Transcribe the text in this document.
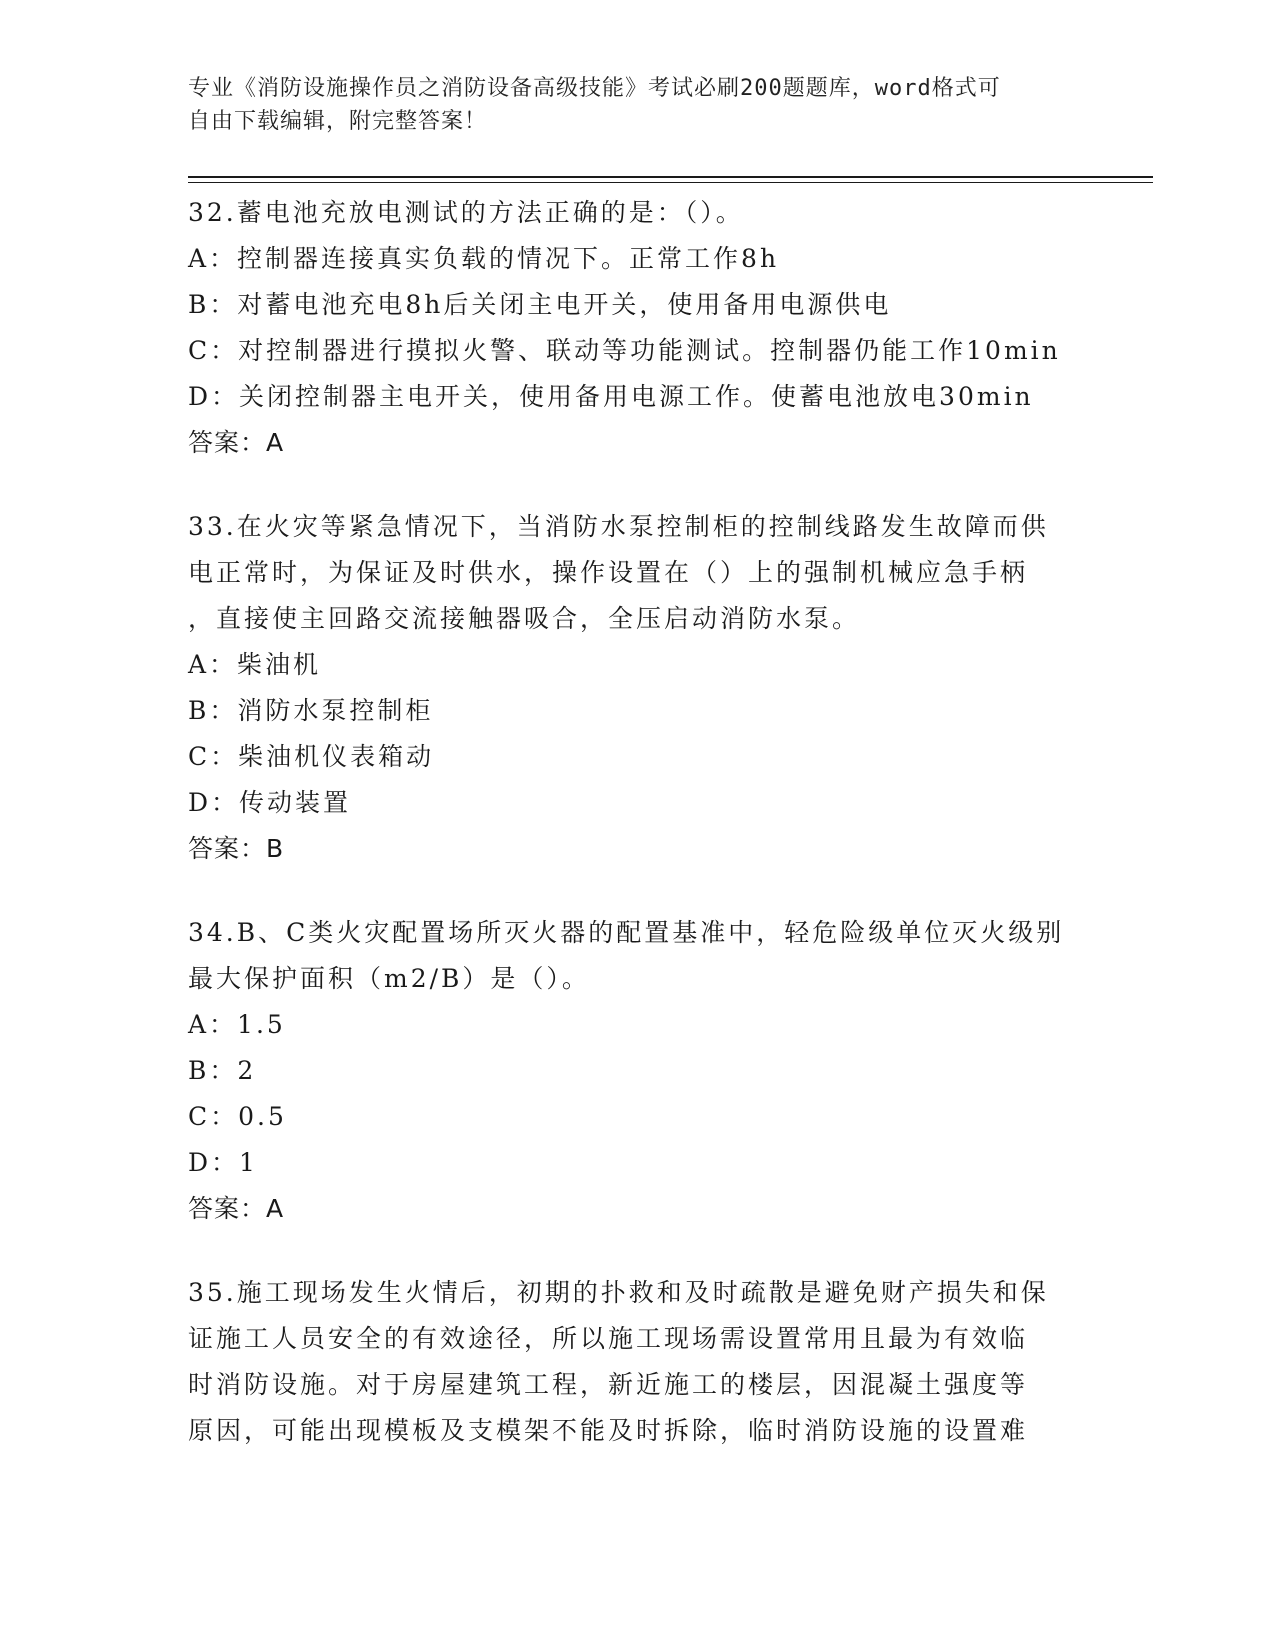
专业《消防设施操作员之消防设备高级技能》考试必刷200题题库，word格式可
自由下载编辑，附完整答案！
32.蓄电池充放电测试的方法正确的是：（）。
A：控制器连接真实负载的情况下。正常工作8h
B：对蓄电池充电8h后关闭主电开关，使用备用电源供电
C：对控制器进行摸拟火警、联动等功能测试。控制器仍能工作10min
D：关闭控制器主电开关，使用备用电源工作。使蓄电池放电30min
答案：A
33.在火灾等紧急情况下，当消防水泵控制柜的控制线路发生故障而供
电正常时，为保证及时供水，操作设置在（）上的强制机械应急手柄
，直接使主回路交流接触器吸合，全压启动消防水泵。
A：柴油机
B：消防水泵控制柜
C：柴油机仪表箱动
D：传动装置
答案：B
34.B、C类火灾配置场所灭火器的配置基准中，轻危险级单位灭火级别
最大保护面积（m2/B）是（）。
A：1.5
B：2
C：0.5
D：1
答案：A
35.施工现场发生火情后，初期的扑救和及时疏散是避免财产损失和保
证施工人员安全的有效途径，所以施工现场需设置常用且最为有效临
时消防设施。对于房屋建筑工程，新近施工的楼层，因混凝土强度等
原因，可能出现模板及支模架不能及时拆除，临时消防设施的设置难
